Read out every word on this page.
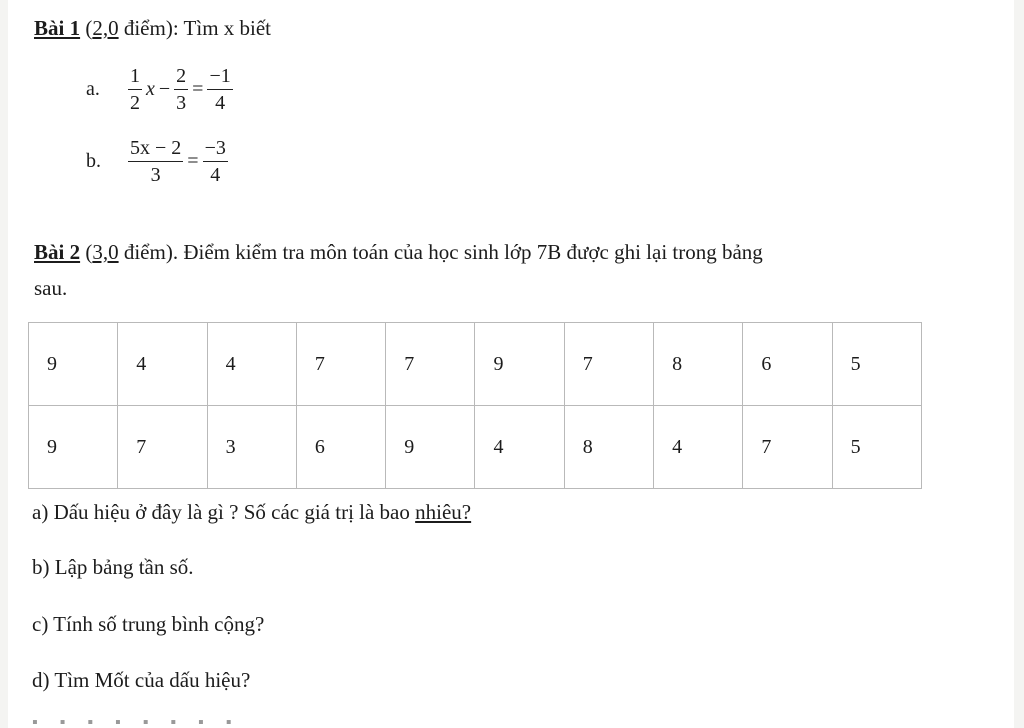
Bài 1 (2,0 điểm): Tìm x biết
a.	$\frac{1}{2}$ $x - \frac{2}{3} = \frac{-1}{4}$
b.	$\frac{5x - 2}{3} = \frac{-3}{4}$
Bài 2 (3,0 điểm). Điểm kiểm tra môn toán của học sinh lớp 7B được ghi lại trong bảng
sau.
9	4	4	7	7	9	7	8	6	5
9	7	3	6	9	4	8	4	7	5
a) Dấu hiệu ở đây là gì ? Số các giá trị là bao nhiêu?
b) Lập bảng tần số.
c) Tính số trung bình cộng?
d) Tìm Mốt của dấu hiệu?
▪ ▪ ▪ ▪ ▪ ▪ ▪ ▪
